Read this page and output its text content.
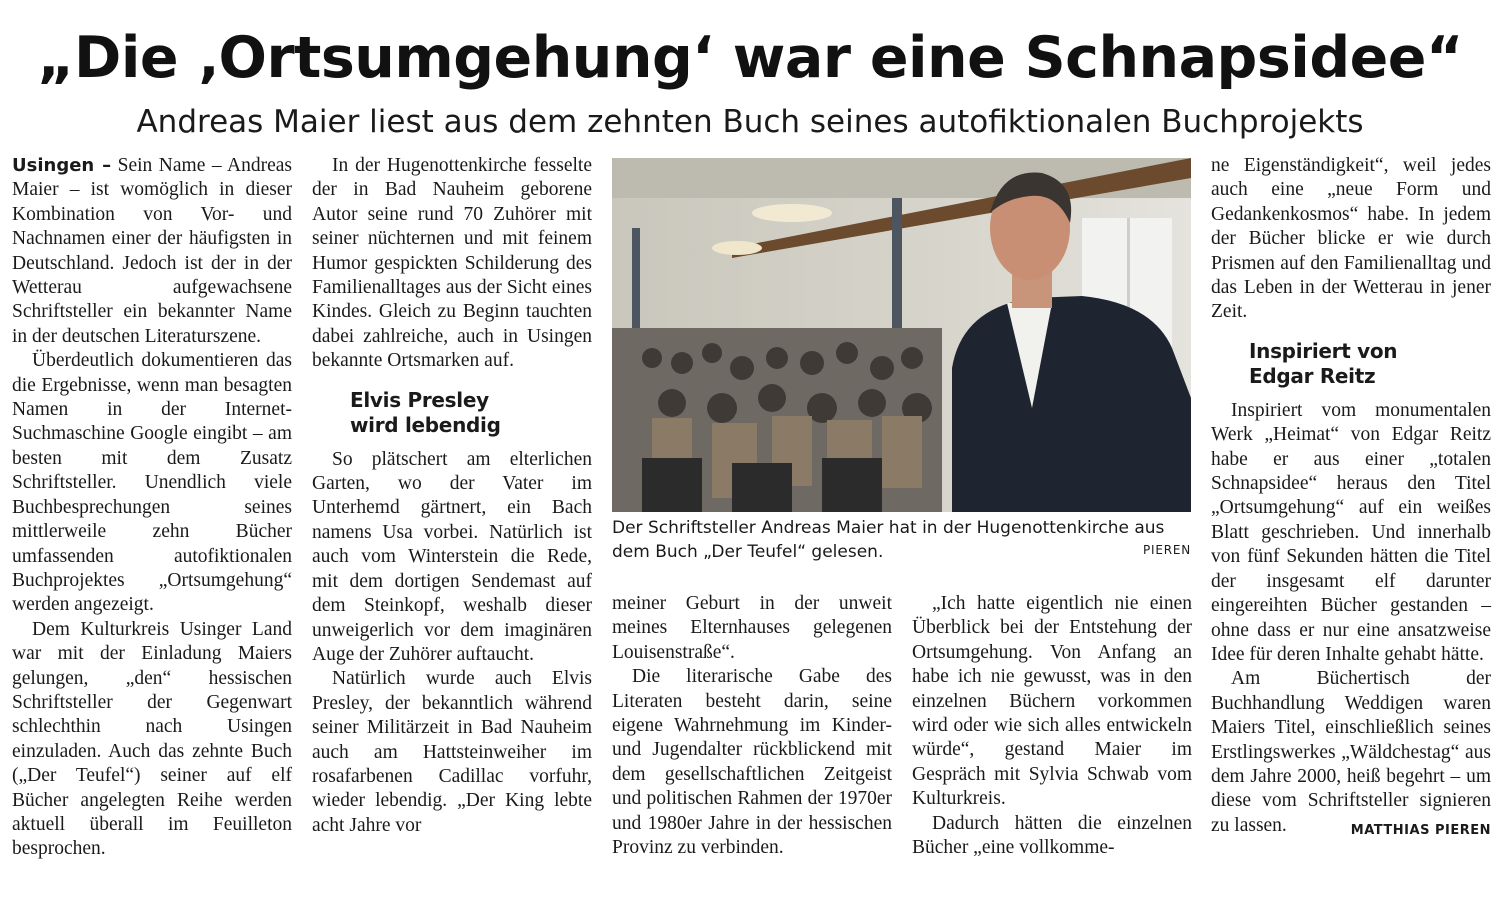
„Die ‚Ortsumgehung‘ war eine Schnapsidee“
Andreas Maier liest aus dem zehnten Buch seines autofiktionalen Buchprojekts

Usingen – Sein Name – Andreas Maier – ist womöglich in dieser Kombination von Vor- und Nachnamen einer der häufigsten in Deutschland. Jedoch ist der in der Wetterau aufgewachsene Schriftsteller ein bekannter Name in der deutschen Literaturszene.

Überdeutlich dokumentieren das die Ergebnisse, wenn man besagten Namen in der Internet-Suchmaschine Google eingibt – am besten mit dem Zusatz Schriftsteller. Unendlich viele Buchbesprechungen seines mittlerweile zehn Bücher umfassenden autofiktionalen Buchprojektes „Ortsumgehung“ werden angezeigt.

Dem Kulturkreis Usinger Land war mit der Einladung Maiers gelungen, „den“ hessischen Schriftsteller der Gegenwart schlechthin nach Usingen einzuladen. Auch das zehnte Buch („Der Teufel“) seiner auf elf Bücher angelegten Reihe werden aktuell überall im Feuilleton besprochen.

In der Hugenottenkirche fesselte der in Bad Nauheim geborene Autor seine rund 70 Zuhörer mit seiner nüchternen und mit feinem Humor gespickten Schilderung des Familienalltages aus der Sicht eines Kindes. Gleich zu Beginn tauchten dabei zahlreiche, auch in Usingen bekannte Ortsmarken auf.

Elvis Presley
wird lebendig

So plätschert am elterlichen Garten, wo der Vater im Unterhemd gärtnert, ein Bach namens Usa vorbei. Natürlich ist auch vom Winterstein die Rede, mit dem dortigen Sendemast auf dem Steinkopf, weshalb dieser unweigerlich vor dem imaginären Auge der Zuhörer auftaucht.

Natürlich wurde auch Elvis Presley, der bekanntlich während seiner Militärzeit in Bad Nauheim auch am Hattsteinweiher im rosafarbenen Cadillac vorfuhr, wieder lebendig. „Der King lebte acht Jahre vor

Der Schriftsteller Andreas Maier hat in der Hugenottenkirche aus dem Buch „Der Teufel“ gelesen.	PIEREN

meiner Geburt in der unweit meines Elternhauses gelegenen Louisenstraße“.

Die literarische Gabe des Literaten besteht darin, seine eigene Wahrnehmung im Kinder- und Jugendalter rückblickend mit dem gesellschaftlichen Zeitgeist und politischen Rahmen der 1970er und 1980er Jahre in der hessischen Provinz zu verbinden.

„Ich hatte eigentlich nie einen Überblick bei der Entstehung der Ortsumgehung. Von Anfang an habe ich nie gewusst, was in den einzelnen Büchern vorkommen wird oder wie sich alles entwickeln würde“, gestand Maier im Gespräch mit Sylvia Schwab vom Kulturkreis.

Dadurch hätten die einzelnen Bücher „eine vollkomme-

ne Eigenständigkeit“, weil jedes auch eine „neue Form und Gedankenkosmos“ habe. In jedem der Bücher blicke er wie durch Prismen auf den Familienalltag und das Leben in der Wetterau in jener Zeit.

Inspiriert von
Edgar Reitz

Inspiriert vom monumentalen Werk „Heimat“ von Edgar Reitz habe er aus einer „totalen Schnapsidee“ heraus den Titel „Ortsumgehung“ auf ein weißes Blatt geschrieben. Und innerhalb von fünf Sekunden hätten die Titel der insgesamt elf darunter eingereihten Bücher gestanden – ohne dass er nur eine ansatzweise Idee für deren Inhalte gehabt hätte.

Am Büchertisch der Buchhandlung Weddigen waren Maiers Titel, einschließlich seines Erstlingswerkes „Wäldchestag“ aus dem Jahre 2000, heiß begehrt – um diese vom Schriftsteller signieren zu lassen.	MATTHIAS PIEREN
